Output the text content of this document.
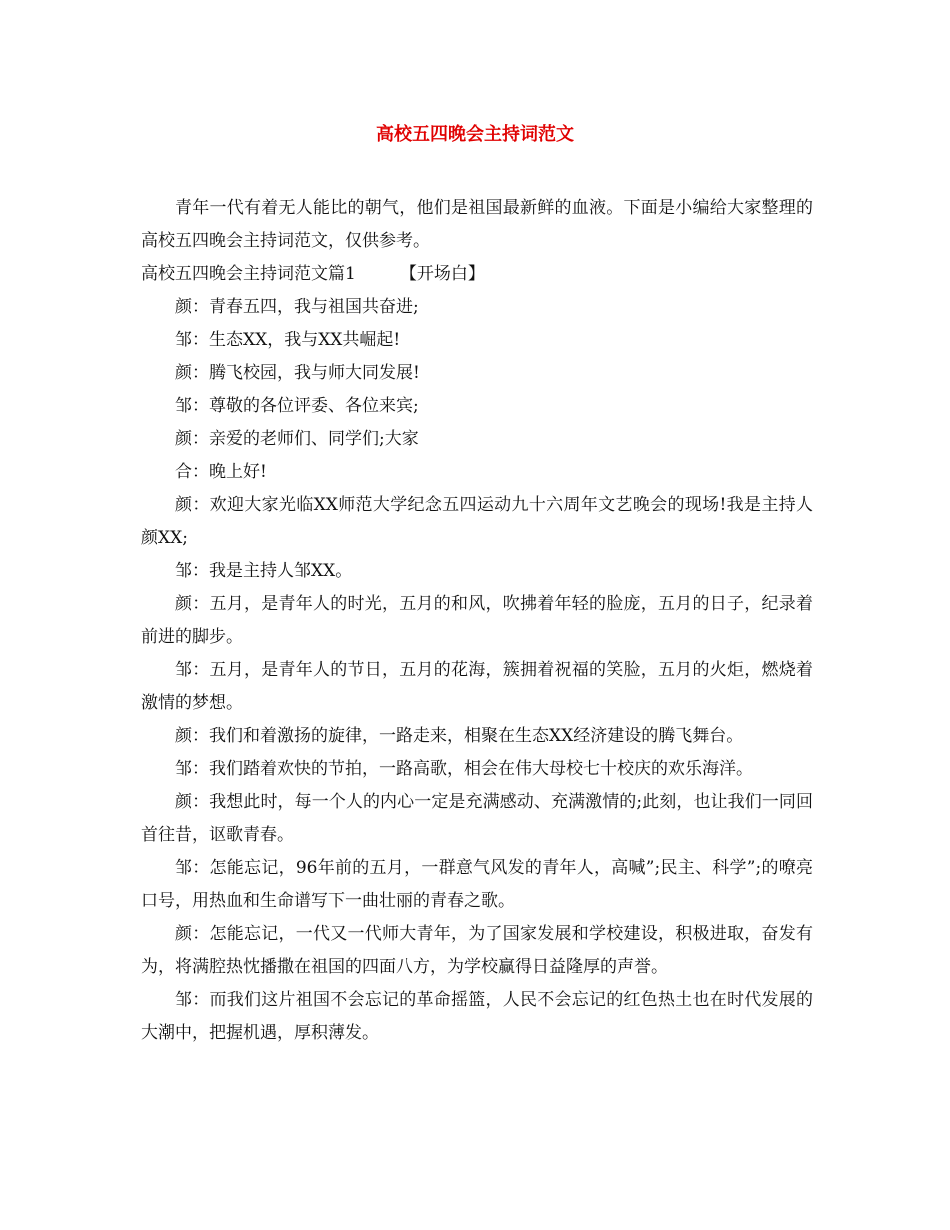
高校五四晚会主持词范文

青年一代有着无人能比的朝气，他们是祖国最新鲜的血液。下面是小编给大家整理的高校五四晚会主持词范文，仅供参考。

高校五四晚会主持词范文篇1	【开场白】

颜：青春五四，我与祖国共奋进;

邹：生态XX，我与XX共崛起!

颜：腾飞校园，我与师大同发展!

邹：尊敬的各位评委、各位来宾;

颜：亲爱的老师们、同学们;大家

合：晚上好!

颜：欢迎大家光临XX师范大学纪念五四运动九十六周年文艺晚会的现场!我是主持人颜XX;

邹：我是主持人邹XX。

颜：五月，是青年人的时光，五月的和风，吹拂着年轻的脸庞，五月的日子，纪录着前进的脚步。

邹：五月，是青年人的节日，五月的花海，簇拥着祝福的笑脸，五月的火炬，燃烧着激情的梦想。

颜：我们和着激扬的旋律，一路走来，相聚在生态XX经济建设的腾飞舞台。

邹：我们踏着欢快的节拍，一路高歌，相会在伟大母校七十校庆的欢乐海洋。

颜：我想此时，每一个人的内心一定是充满感动、充满激情的;此刻，也让我们一同回首往昔，讴歌青春。

邹：怎能忘记，96年前的五月，一群意气风发的青年人，高喊”;民主、科学”;的嘹亮口号，用热血和生命谱写下一曲壮丽的青春之歌。

颜：怎能忘记，一代又一代师大青年，为了国家发展和学校建设，积极进取，奋发有为，将满腔热忱播撒在祖国的四面八方，为学校赢得日益隆厚的声誉。

邹：而我们这片祖国不会忘记的革命摇篮，人民不会忘记的红色热土也在时代发展的大潮中，把握机遇，厚积薄发。
